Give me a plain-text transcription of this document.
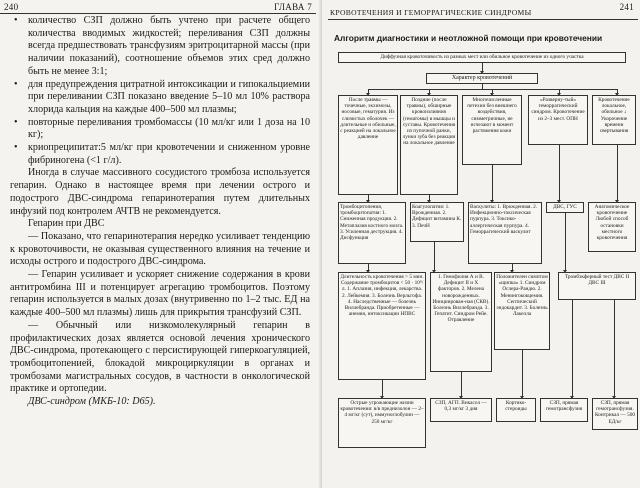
240	ГЛАВА 7
• количество СЗП должно быть учтено при расчете общего количества вводимых жидкостей; переливания СЗП должны всегда предшествовать трансфузиям эритроцитарной массы (при наличии показаний), соотношение объемов этих сред должно быть не менее 3:1;
• для предупреждения цитратной интоксикации и гипокальциемии при переливании СЗП показано введение 5–10 мл 10% раствора хлорида кальция на каждые 400–500 мл плазмы;
• повторные переливания тромбомассы (10 мл/кг или 1 доза на 10 кг);
• криопреципитат:5 мл/кг при кровотечении и сниженном уровне фибриногена (<1 г/л).

Иногда в случае массивного сосудистого тромбоза используется гепарин. Однако в настоящее время при лечении острого и подострого ДВС-синдрома гепаринотерапия путем длительных инфузий под контролем АЧТВ не рекомендуется.

Гепарин при ДВС

— Показано, что гепаринотерапия нередко усиливает тенденцию к кровоточивости, не оказывая существенного влияния на течение и исходы острого и подострого ДВС-синдрома.

— Гепарин усиливает и ускоряет снижение содержания в крови антитромбина III и потенцирует агрегацию тромбоцитов. Поэтому гепарин используется в малых дозах (внутривенно по 1–2 тыс. ЕД на каждые 400–500 мл плазмы) лишь для прикрытия трансфузий СЗП.

— Обычный или низкомолекулярный гепарин в профилактических дозах является основой лечения хронического ДВС-синдрома, протекающего с персистирующей гиперкоагуляцией, тромбоцитопенией, блокадой микроциркуляции в органах и тромбозами магистральных сосудов, в частности в онкологической практике и ортопедии.

ДВС-синдром (МКБ-10: D65).

КРОВОТЕЧЕНИЯ И ГЕМОРРАГИЧЕСКИЕ СИНДРОМЫ
241
Алгоритм диагностики и неотложной помощи при кровотечении
Диффузная кровоточивость из разных мест или обильное кровотечение из одного участка
Характер кровотечений
После травмы — точечные, экхимозы, носовые, гематурия. Из слизистых оболочек — длительные и обильные, с реакцией на локальное давление
Поздние (после травмы), обширные кровоизлияния (гематомы) в мышцы и суставы. Кровотечения из пупочной ранки, лунки зуба без реакции на локальное давление
Многочисленные петехии без внешнего воздействия, симметричные, не исчезают в момент растяжения кожи
«Разверну-тый» геморрагический синдром. Кровотечение из 2–3 мест. ОПН
Кровотечение локальное, обильное ↓ Укорочение времени свертывания
Тромбоцитопения, тромбоцитопатия: 1. Сниженная продукция. 2. Метаплазия костного мозга. 3. Усиленная деструкция. 4. Дисфункция
Коагулопатия: 1. Врожденная. 2. Дефицит витамина К. 3. ПечН
Васкулиты: 1. Врожденная. 2. Инфекционно-токсическая пурпура. 3. Токсико-аллергическая пурпура. 4. Геморрагический васкулит
ДВС, ГУС	Анатомическое кровотечение Любой способ остановки местного кровотечения
Длительность кровотечения > 5 мин. Содержание тромбоцитов < 50 · 10⁹/л. 1. Аплазия, инфекция, лекарства. 2. Лейкемия. 3. Болезнь Верльгофа. 4. Наследственные — болезнь Виллебранда. Приобретенные — анемия, интоксикации НПВС
1. Гемофилия А и В. Дефицит II и X факторов. 2. Мелена новорожденных. Инициирован-ная (СКВ). Болезнь Виллебранда. 3. Гепатит. Синдром Рейе. Отравление
Положителен симптом «щипка» 1. Синдром Ослера-Рандю. 2. Менингококцемия. Септический эндокардит. 3. Болезнь Лакелла
Тромбэкферный тест ДВС II ДВС III
Острые угрожающие жизни кровотечения: в/в преднизолон — 2–4 мг/кг (сут), иммуноглобулин — 250 мг/кг
СЗП, АГП. Викасол — 0,3 мг/кг 3 дня
Кортико-стероиды
СЗП, прямая гемотрансфузия
СЗП, прямая гемотрансфузия. Контрикал — 500 ЕД/кг
